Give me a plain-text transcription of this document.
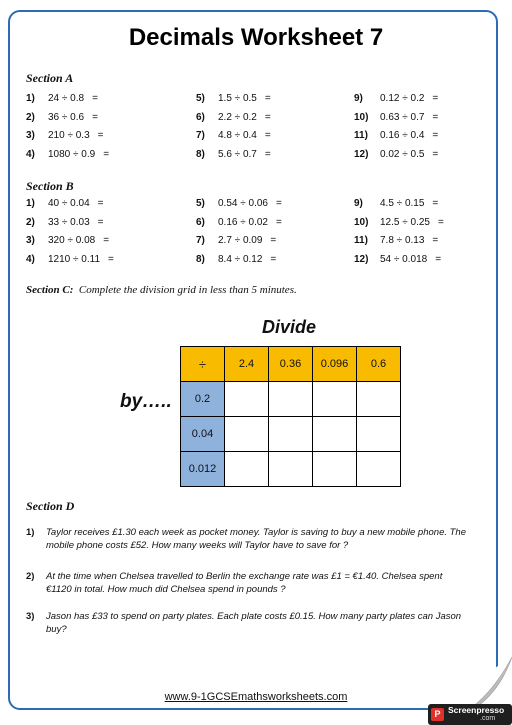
Decimals Worksheet 7
Section A
1) 24 ÷ 0.8 =
2) 36 ÷ 0.6 =
3) 210 ÷ 0.3 =
4) 1080 ÷ 0.9 =
5) 1.5 ÷ 0.5 =
6) 2.2 ÷ 0.2 =
7) 4.8 ÷ 0.4 =
8) 5.6 ÷ 0.7 =
9) 0.12 ÷ 0.2 =
10) 0.63 ÷ 0.7 =
11) 0.16 ÷ 0.4 =
12) 0.02 ÷ 0.5 =
Section B
1) 40 ÷ 0.04 =
2) 33 ÷ 0.03 =
3) 320 ÷ 0.08 =
4) 1210 ÷ 0.11 =
5) 0.54 ÷ 0.06 =
6) 0.16 ÷ 0.02 =
7) 2.7 ÷ 0.09 =
8) 8.4 ÷ 0.12 =
9) 4.5 ÷ 0.15 =
10) 12.5 ÷ 0.25 =
11) 7.8 ÷ 0.13 =
12) 54 ÷ 0.018 =
Section C: Complete the division grid in less than 5 minutes.
Divide
by…..
÷	2.4	0.36	0.096	0.6
0.2				
0.04				
0.012				
Section D
1) Taylor receives £1.30 each week as pocket money. Taylor is saving to buy a new mobile phone. The mobile phone costs £52. How many weeks will Taylor have to save for ?
2) At the time when Chelsea travelled to Berlin the exchange rate was £1 = €1.40. Chelsea spent €1120 in total. How much did Chelsea spend in pounds ?
3) Jason has £33 to spend on party plates. Each plate costs £0.15. How many party plates can Jason buy?
www.9-1GCSEmathsworksheets.com
P Screenpresso
.com
